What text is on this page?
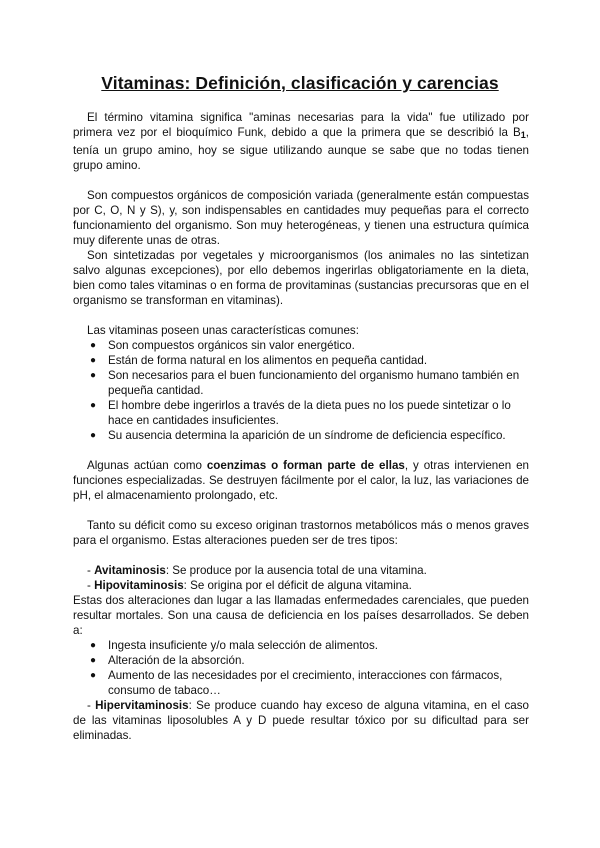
Vitaminas: Definición, clasificación y carencias

El término vitamina significa "aminas necesarias para la vida" fue utilizado por primera vez por el bioquímico Funk, debido a que la primera que se describió la $B_1$, tenía un grupo amino, hoy se sigue utilizando aunque se sabe que no todas tienen grupo amino.

Son compuestos orgánicos de composición variada (generalmente están compuestas por C, O, N y S), y, son indispensables en cantidades muy pequeñas para el correcto funcionamiento del organismo. Son muy heterogéneas, y tienen una estructura química muy diferente unas de otras.

Son sintetizadas por vegetales y microorganismos (los animales no las sintetizan salvo algunas excepciones), por ello debemos ingerirlas obligatoriamente en la dieta, bien como tales vitaminas o en forma de provitaminas (sustancias precursoras que en el organismo se transforman en vitaminas).

Las vitaminas poseen unas características comunes:

● Son compuestos orgánicos sin valor energético.
● Están de forma natural en los alimentos en pequeña cantidad.
● Son necesarios para el buen funcionamiento del organismo humano también en pequeña cantidad.
● El hombre debe ingerirlos a través de la dieta pues no los puede sintetizar o lo hace en cantidades insuficientes.
● Su ausencia determina la aparición de un síndrome de deficiencia específico.

Algunas actúan como coenzimas o forman parte de ellas, y otras intervienen en funciones especializadas. Se destruyen fácilmente por el calor, la luz, las variaciones de pH, el almacenamiento prolongado, etc.

Tanto su déficit como su exceso originan trastornos metabólicos más o menos graves para el organismo. Estas alteraciones pueden ser de tres tipos:

- Avitaminosis: Se produce por la ausencia total de una vitamina.

- Hipovitaminosis: Se origina por el déficit de alguna vitamina.

Estas dos alteraciones dan lugar a las llamadas enfermedades carenciales, que pueden resultar mortales. Son una causa de deficiencia en los países desarrollados. Se deben a:

● Ingesta insuficiente y/o mala selección de alimentos.
● Alteración de la absorción.
● Aumento de las necesidades por el crecimiento, interacciones con fármacos, consumo de tabaco…

- Hipervitaminosis: Se produce cuando hay exceso de alguna vitamina, en el caso de las vitaminas liposolubles A y D puede resultar tóxico por su dificultad para ser eliminadas.
